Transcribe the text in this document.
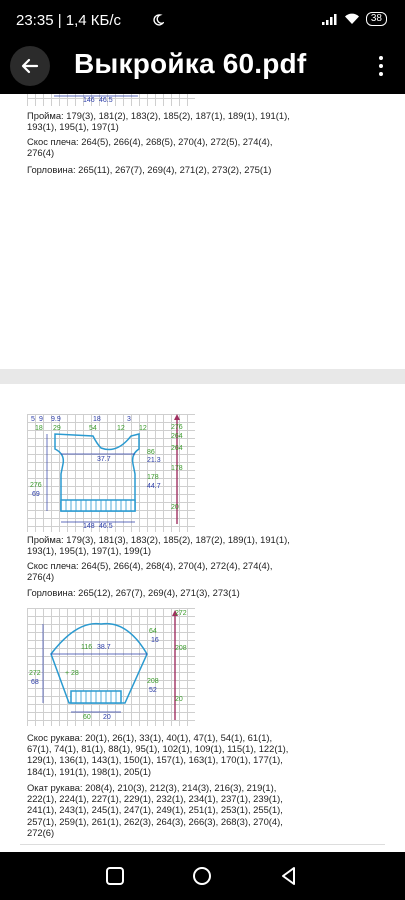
23:35 | 1,4 КБ/с	38
Выкройка 60.pdf
146 46.5
Пройма: 179(3), 181(2), 183(2), 185(2), 187(1), 189(1), 191(1), 193(1), 195(1), 197(1)
Скос плеча: 264(5), 266(4), 268(5), 270(4), 272(5), 274(4), 276(4)
Горловина: 265(11), 267(7), 269(4), 271(2), 273(2), 275(1)
5 9 9.9	18	3
18 29	54	12 12	276
264
264
178
20
37.7
86
21.3
178
44.7
276
69
148 46.5
Пройма: 179(3), 181(3), 183(2), 185(2), 187(2), 189(1), 191(1), 193(1), 195(1), 197(1), 199(1)
Скос плеча: 264(5), 266(4), 268(4), 270(4), 272(4), 274(4), 276(4)
Горловина: 265(12), 267(7), 269(4), 271(3), 273(1)
272
208
64
16
208
52
20
116 38.7
+ 28
272
68
60 20
Скос рукава: 20(1), 26(1), 33(1), 40(1), 47(1), 54(1), 61(1), 67(1), 74(1), 81(1), 88(1), 95(1), 102(1), 109(1), 115(1), 122(1), 129(1), 136(1), 143(1), 150(1), 157(1), 163(1), 170(1), 177(1), 184(1), 191(1), 198(1), 205(1)
Окат рукава: 208(4), 210(3), 212(3), 214(3), 216(3), 219(1), 222(1), 224(1), 227(1), 229(1), 232(1), 234(1), 237(1), 239(1), 241(1), 243(1), 245(1), 247(1), 249(1), 251(1), 253(1), 255(1), 257(1), 259(1), 261(1), 262(3), 264(3), 266(3), 268(3), 270(4), 272(6)
